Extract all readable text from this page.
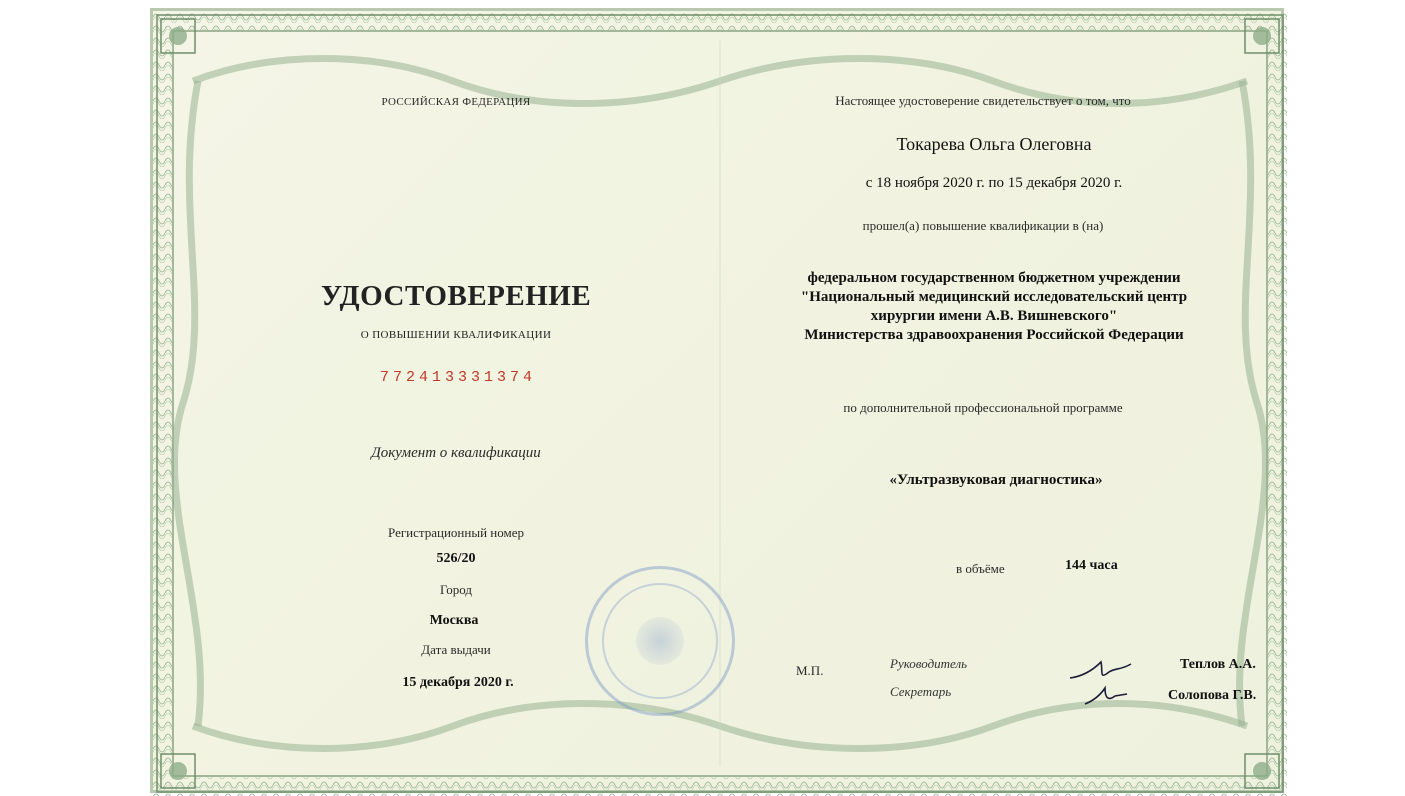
РОССИЙСКАЯ ФЕДЕРАЦИЯ
УДОСТОВЕРЕНИЕ
О ПОВЫШЕНИИ КВАЛИФИКАЦИИ
772413331374
Документ о квалификации
Регистрационный номер
526/20
Город
Москва
Дата выдачи
15 декабря 2020 г.
Настоящее удостоверение свидетельствует о том, что
Токарева Ольга Олеговна
с 18 ноября 2020 г. по 15 декабря 2020 г.
прошел(а) повышение квалификации в (на)
федеральном государственном бюджетном учреждении
"Национальный медицинский исследовательский центр
хирургии имени А.В. Вишневского"
Министерства здравоохранения Российской Федерации
по дополнительной профессиональной программе
«Ультразвуковая диагностика»
в объёме	144 часа
М.П.	Руководитель
Секретарь
Теплов А.А.
Солопова Г.В.
